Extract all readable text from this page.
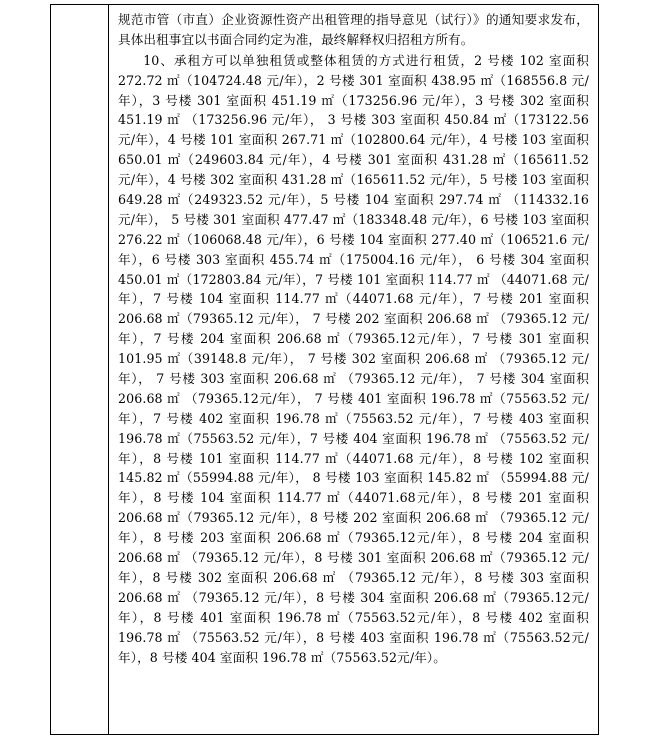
规范市管（市直）企业资源性资产出租管理的指导意见（试行）》的通知要求发布，具体出租事宜以书面合同约定为准，最终解释权归招租方所有。

10、承租方可以单独租赁或整体租赁的方式进行租赁，2 号楼 102 室面积 272.72 ㎡（104724.48 元/年），2 号楼 301 室面积 438.95 ㎡（168556.8 元/年），3 号楼 301 室面积 451.19 ㎡（173256.96 元/年），3 号楼 302 室面积 451.19 ㎡ （173256.96 元/年）， 3 号楼 303 室面积 450.84 ㎡（173122.56 元/年），4 号楼 101 室面积 267.71 ㎡（102800.64 元/年），4 号楼 103 室面积 650.01 ㎡（249603.84 元/年），4 号楼 301 室面积 431.28 ㎡（165611.52 元/年），4 号楼 302 室面积 431.28 ㎡（165611.52 元/年），5 号楼 103 室面积 649.28 ㎡（249323.52 元/年），5 号楼 104 室面积 297.74 ㎡ （114332.16 元/年）， 5 号楼 301 室面积 477.47 ㎡（183348.48 元/年），6 号楼 103 室面积 276.22 ㎡（106068.48 元/年），6 号楼 104 室面积 277.40 ㎡（106521.6 元/年），6 号楼 303 室面积 455.74 ㎡（175004.16 元/年）， 6 号楼 304 室面积 450.01 ㎡（172803.84 元/年），7 号楼 101 室面积 114.77 ㎡ （44071.68 元/年），7 号楼 104 室面积 114.77 ㎡（44071.68 元/年），7 号楼 201 室面积 206.68 ㎡（79365.12 元/年）， 7 号楼 202 室面积 206.68 ㎡ （79365.12 元/年），7 号楼 204 室面积 206.68 ㎡（79365.12元/年），7 号楼 301 室面积 101.95 ㎡（39148.8 元/年）， 7 号楼 302 室面积 206.68 ㎡ （79365.12 元/年）， 7 号楼 303 室面积 206.68 ㎡ （79365.12 元/年）， 7 号楼 304 室面积 206.68 ㎡ （79365.12元/年）， 7 号楼 401 室面积 196.78 ㎡（75563.52 元/年），7 号楼 402 室面积 196.78 ㎡（75563.52 元/年），7 号楼 403 室面积 196.78 ㎡（75563.52 元/年），7 号楼 404 室面积 196.78 ㎡ （75563.52 元/年），8 号楼 101 室面积 114.77 ㎡（44071.68 元/年），8 号楼 102 室面积 145.82 ㎡（55994.88 元/年）， 8 号楼 103 室面积 145.82 ㎡ （55994.88 元/年），8 号楼 104 室面积 114.77 ㎡（44071.68元/年），8 号楼 201 室面积 206.68 ㎡（79365.12 元/年），8 号楼 202 室面积 206.68 ㎡ （79365.12 元/年），8 号楼 203 室面积 206.68 ㎡（79365.12元/年），8 号楼 204 室面积 206.68 ㎡ （79365.12 元/年），8 号楼 301 室面积 206.68 ㎡（79365.12 元/年），8 号楼 302 室面积 206.68 ㎡ （79365.12 元/年），8 号楼 303 室面积 206.68 ㎡ （79365.12 元/年），8 号楼 304 室面积 206.68 ㎡（79365.12元/年），8 号楼 401 室面积 196.78 ㎡（75563.52元/年），8 号楼 402 室面积 196.78 ㎡ （75563.52 元/年），8 号楼 403 室面积 196.78 ㎡（75563.52元/年），8 号楼 404 室面积 196.78 ㎡（75563.52元/年）。
